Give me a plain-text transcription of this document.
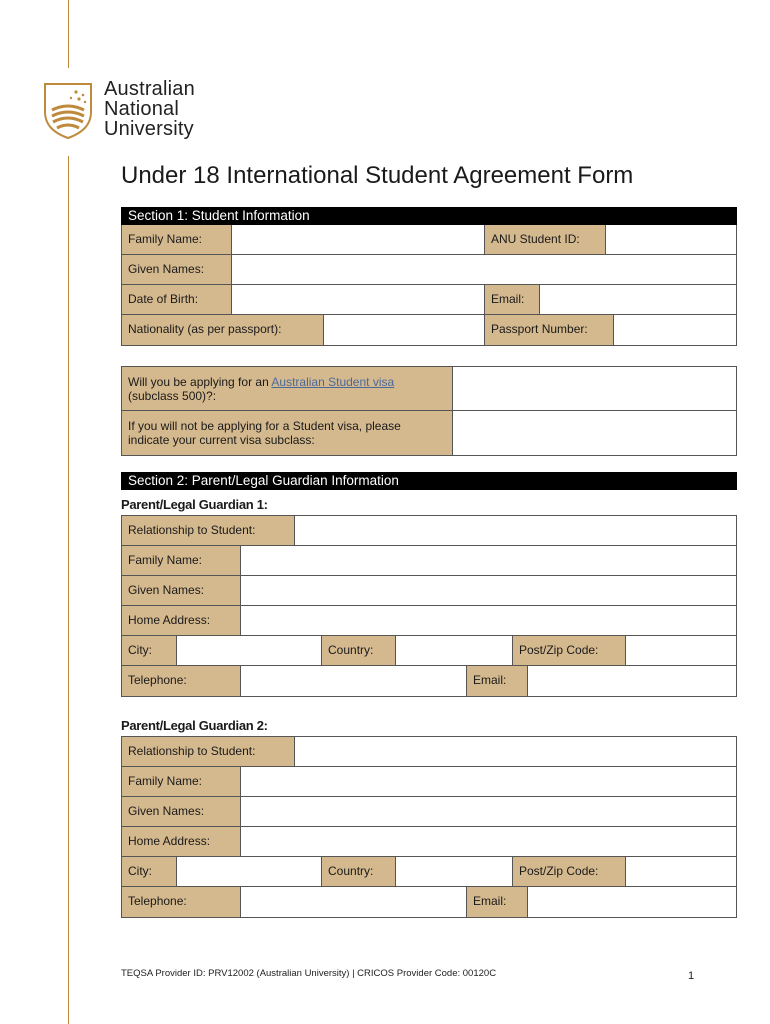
Australian
National
University
Under 18 International Student Agreement Form
Section 1: Student Information
Family Name:	ANU Student ID:
Given Names:
Date of Birth:	Email:
Nationality (as per passport):	Passport Number:
Will you be applying for an Australian Student visa
(subclass 500)?:
If you will not be applying for a Student visa, please
indicate your current visa subclass:
Section 2: Parent/Legal Guardian Information
Parent/Legal Guardian 1:
Relationship to Student:
Family Name:
Given Names:
Home Address:
City:	Country:	Post/Zip Code:
Telephone:	Email:
Parent/Legal Guardian 2:
Relationship to Student:
Family Name:
Given Names:
Home Address:
City:	Country:	Post/Zip Code:
Telephone:	Email:
TEQSA Provider ID: PRV12002 (Australian University) | CRICOS Provider Code: 00120C	1
